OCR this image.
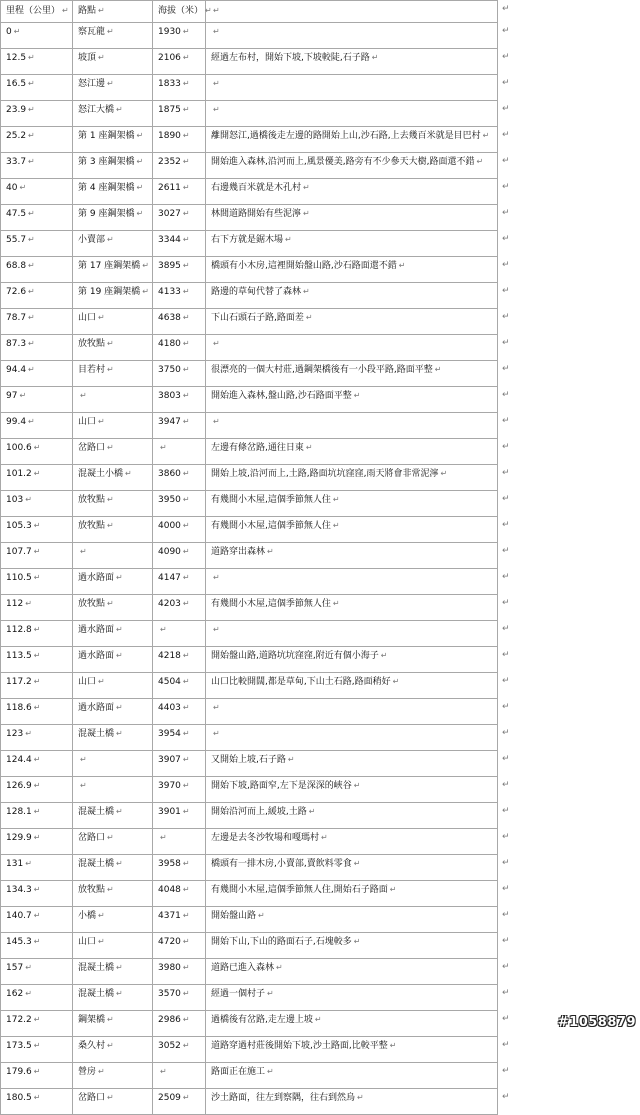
里程（公里） ↵	路點 ↵	海拔（米） ↵	↵
0 ↵	察瓦龍 ↵	1930 ↵	↵
12.5 ↵	坡頂 ↵	2106 ↵	經過左布村，開始下坡,下坡較陡,石子路 ↵
16.5 ↵	怒江邊 ↵	1833 ↵	↵
23.9 ↵	怒江大橋 ↵	1875 ↵	↵
25.2 ↵	第 1 座鋼架橋 ↵	1890 ↵	離開怒江,過橋後走左邊的路開始上山,沙石路,上去幾百米就是目巴村 ↵
33.7 ↵	第 3 座鋼架橋 ↵	2352 ↵	開始進入森林,沿河而上,風景優美,路旁有不少參天大樹,路面還不錯 ↵
40 ↵	第 4 座鋼架橋 ↵	2611 ↵	右邊幾百米就是木孔村 ↵
47.5 ↵	第 9 座鋼架橋 ↵	3027 ↵	林間道路開始有些泥濘 ↵
55.7 ↵	小賣部 ↵	3344 ↵	右下方就是鋸木場 ↵
68.8 ↵	第 17 座鋼架橋 ↵	3895 ↵	橋頭有小木房,這裡開始盤山路,沙石路面還不錯 ↵
72.6 ↵	第 19 座鋼架橋 ↵	4133 ↵	路邊的草甸代替了森林 ↵
78.7 ↵	山口 ↵	4638 ↵	下山石頭石子路,路面差 ↵
87.3 ↵	放牧點 ↵	4180 ↵	↵
94.4 ↵	目若村 ↵	3750 ↵	很漂亮的一個大村莊,過鋼架橋後有一小段平路,路面平整 ↵
97 ↵	↵	3803 ↵	開始進入森林,盤山路,沙石路面平整 ↵
99.4 ↵	山口 ↵	3947 ↵	↵
100.6 ↵	岔路口 ↵	↵	左邊有條岔路,通往日東 ↵
101.2 ↵	混凝土小橋 ↵	3860 ↵	開始上坡,沿河而上,土路,路面坑坑窪窪,雨天將會非常泥濘 ↵
103 ↵	放牧點 ↵	3950 ↵	有幾間小木屋,這個季節無人住 ↵
105.3 ↵	放牧點 ↵	4000 ↵	有幾間小木屋,這個季節無人住 ↵
107.7 ↵	↵	4090 ↵	道路穿出森林 ↵
110.5 ↵	過水路面 ↵	4147 ↵	↵
112 ↵	放牧點 ↵	4203 ↵	有幾間小木屋,這個季節無人住 ↵
112.8 ↵	過水路面 ↵	↵	↵
113.5 ↵	過水路面 ↵	4218 ↵	開始盤山路,道路坑坑窪窪,附近有個小海子 ↵
117.2 ↵	山口 ↵	4504 ↵	山口比較開闊,都是草甸,下山土石路,路面稍好 ↵
118.6 ↵	過水路面 ↵	4403 ↵	↵
123 ↵	混凝土橋 ↵	3954 ↵	↵
124.4 ↵	↵	3907 ↵	又開始上坡,石子路 ↵
126.9 ↵	↵	3970 ↵	開始下坡,路面窄,左下是深深的峽谷 ↵
128.1 ↵	混凝土橋 ↵	3901 ↵	開始沿河而上,緩坡,土路 ↵
129.9 ↵	岔路口 ↵	↵	左邊是去冬沙牧場和嘎瑪村 ↵
131 ↵	混凝土橋 ↵	3958 ↵	橋頭有一排木房,小賣部,賣飲料零食 ↵
134.3 ↵	放牧點 ↵	4048 ↵	有幾間小木屋,這個季節無人住,開始石子路面 ↵
140.7 ↵	小橋 ↵	4371 ↵	開始盤山路 ↵
145.3 ↵	山口 ↵	4720 ↵	開始下山,下山的路面石子,石塊較多 ↵
157 ↵	混凝土橋 ↵	3980 ↵	道路已進入森林 ↵
162 ↵	混凝土橋 ↵	3570 ↵	經過一個村子 ↵
172.2 ↵	鋼架橋 ↵	2986 ↵	過橋後有岔路,走左邊上坡 ↵
173.5 ↵	桑久村 ↵	3052 ↵	道路穿過村莊後開始下坡,沙土路面,比較平整 ↵
179.6 ↵	營房 ↵	↵	路面正在施工 ↵
180.5 ↵	岔路口 ↵	2509 ↵	沙土路面，往左到察隅，往右到然烏 ↵
↵
↵
↵
↵
↵
↵
↵
↵
↵
↵
↵
↵
↵
↵
↵
↵
↵
↵
↵
↵
↵
↵
↵
↵
↵
↵
↵
↵
↵
↵
↵
↵
↵
↵
↵
↵
↵
↵
↵
↵
↵
↵
↵
#1058879
